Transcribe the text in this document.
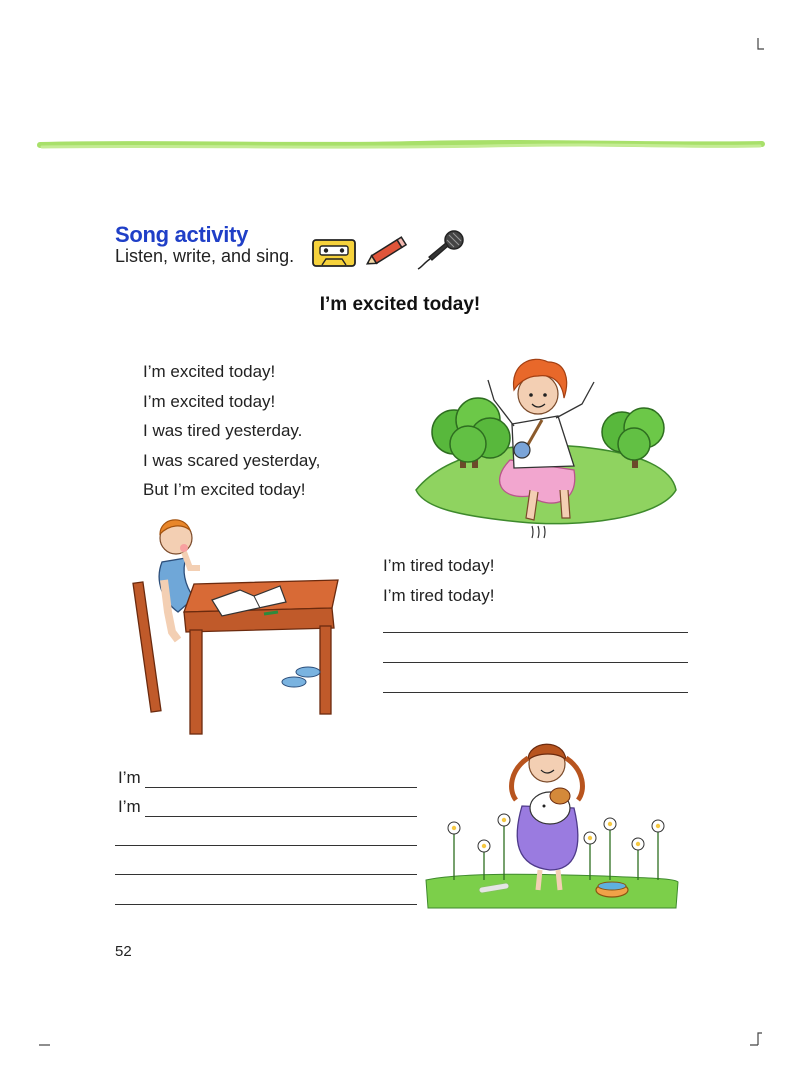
Song activity
Listen, write, and sing.
I’m excited today!
I’m excited today!
I’m excited today!
I was tired yesterday.
I was scared yesterday,
But I’m excited today!
I’m tired today!
I’m tired today!
I’m
I’m
52
